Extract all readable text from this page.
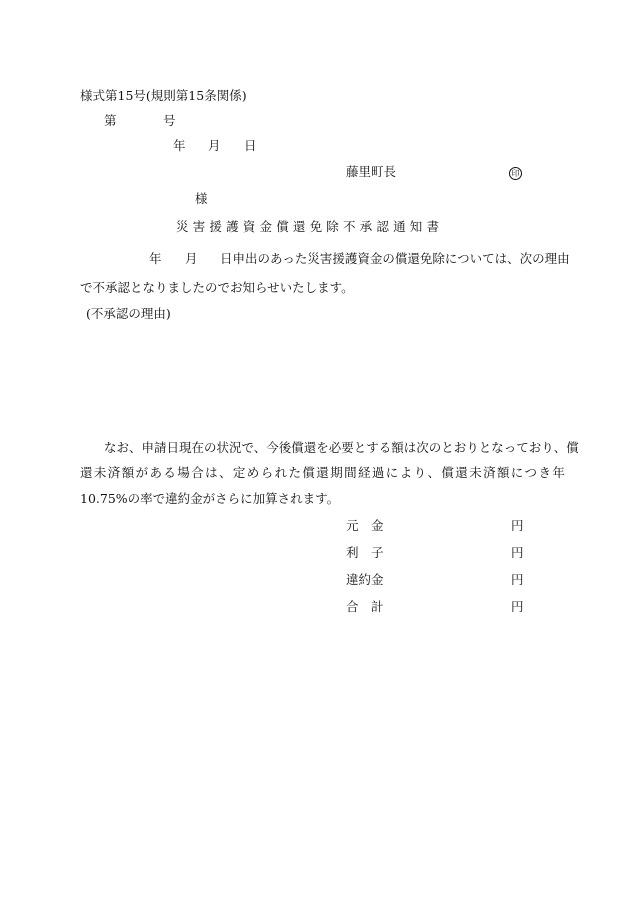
様式第15号(規則第15条関係)
第	号
年 月 日
藤里町長	印
様
災害援護資金償還免除不承認通知書
年 月 日申出のあった災害援護資金の償還免除については、次の理由
で不承認となりましたのでお知らせいたします。
(不承認の理由)
なお、申請日現在の状況で、今後償還を必要とする額は次のとおりとなっており、償
還未済額がある場合は、定められた償還期間経過により、償還未済額につき年
10.75%の率で違約金がさらに加算されます。
元　金	円
利　子	円
違約金	円
合　計	円
